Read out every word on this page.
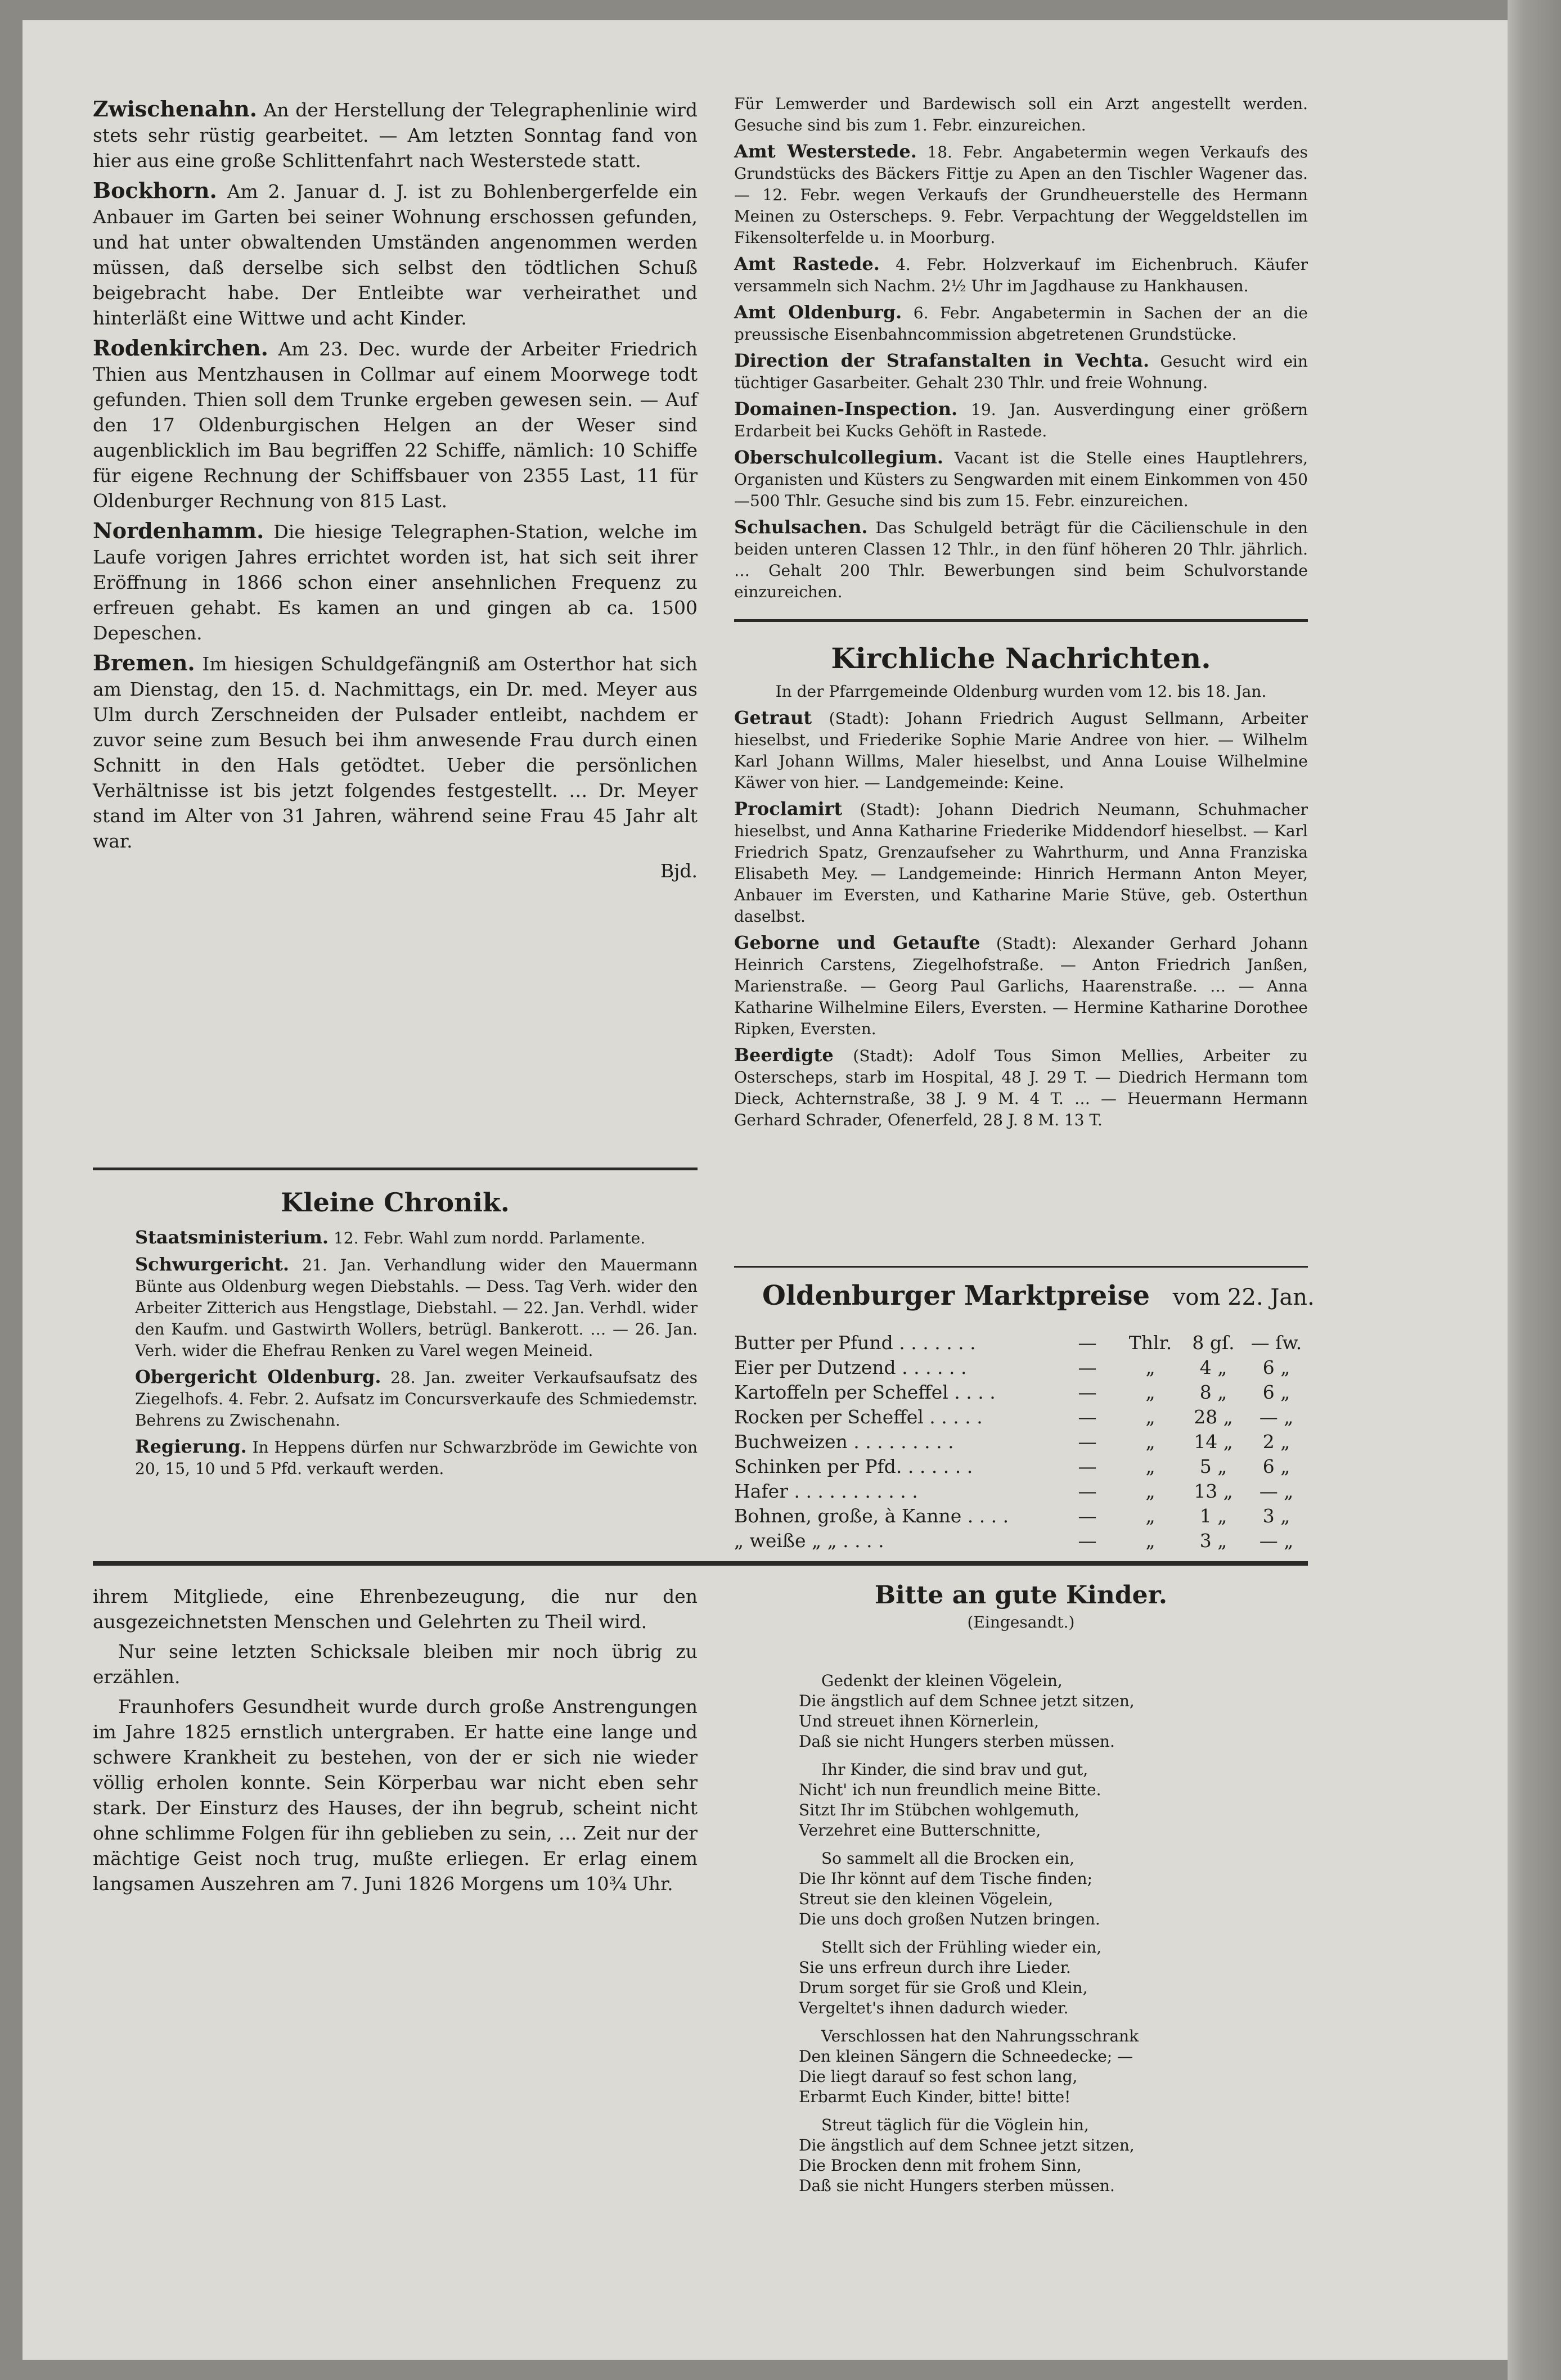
Zwischenahn. An der Herstellung der Telegraphenlinie wird stets sehr rüstig gearbeitet. — Am letzten Sonntag fand von hier aus eine große Schlittenfahrt nach Westerstede statt.

Bockhorn. Am 2. Januar d. J. ist zu Bohlenbergerfelde ein Anbauer im Garten bei seiner Wohnung erschossen gefunden, und hat unter obwaltenden Umständen angenommen werden müssen, daß derselbe sich selbst den tödtlichen Schuß beigebracht habe. Der Entleibte war verheirathet und hinterläßt eine Wittwe und acht Kinder.

Rodenkirchen. Am 23. Dec. wurde der Arbeiter Friedrich Thien aus Mentzhausen in Collmar auf einem Moorwege todt gefunden. Thien soll dem Trunke ergeben gewesen sein. — Auf den 17 Oldenburgischen Helgen an der Weser sind augenblicklich im Bau begriffen 22 Schiffe, nämlich: 10 Schiffe für eigene Rechnung der Schiffsbauer von 2355 Last, 11 für Oldenburger Rechnung von 815 Last.

Nordenhamm. Die hiesige Telegraphen-Station, welche im Laufe vorigen Jahres errichtet worden ist, hat sich seit ihrer Eröffnung in 1866 schon einer ansehnlichen Frequenz zu erfreuen gehabt. Es kamen an und gingen ab ca. 1500 Depeschen.

Bremen. Im hiesigen Schuldgefängniß am Osterthor hat sich am Dienstag, den 15. d. Nachmittags, ein Dr. med. Meyer aus Ulm durch Zerschneiden der Pulsader entleibt, nachdem er zuvor seine zum Besuch bei ihm anwesende Frau durch einen Schnitt in den Hals getödtet. Ueber die persönlichen Verhältnisse ist bis jetzt folgendes festgestellt. … Dr. Meyer stand im Alter von 31 Jahren, während seine Frau 45 Jahr alt war.

Bjd.
Kleine Chronik.

Staatsministerium. 12. Febr. Wahl zum nordd. Parlamente.

Schwurgericht. 21. Jan. Verhandlung wider den Mauermann Bünte aus Oldenburg wegen Diebstahls. — Dess. Tag Verh. wider den Arbeiter Zitterich aus Hengstlage, Diebstahl. — 22. Jan. Verhdl. wider den Kaufm. und Gastwirth Wollers, betrügl. Bankerott. … — 26. Jan. Verh. wider die Ehefrau Renken zu Varel wegen Meineid.

Obergericht Oldenburg. 28. Jan. zweiter Verkaufsaufsatz des Ziegelhofs. 4. Febr. 2. Aufsatz im Concursverkaufe des Schmiedemstr. Behrens zu Zwischenahn.

Regierung. In Heppens dürfen nur Schwarzbröde im Gewichte von 20, 15, 10 und 5 Pfd. verkauft werden.

Für Lemwerder und Bardewisch soll ein Arzt angestellt werden. Gesuche sind bis zum 1. Febr. einzureichen.

Amt Westerstede. 18. Febr. Angabetermin wegen Verkaufs des Grundstücks des Bäckers Fittje zu Apen an den Tischler Wagener das. — 12. Febr. wegen Verkaufs der Grundheuerstelle des Hermann Meinen zu Osterscheps. 9. Febr. Verpachtung der Weggeldstellen im Fikensolterfelde u. in Moorburg.

Amt Rastede. 4. Febr. Holzverkauf im Eichenbruch. Käufer versammeln sich Nachm. 2½ Uhr im Jagdhause zu Hankhausen.

Amt Oldenburg. 6. Febr. Angabetermin in Sachen der an die preussische Eisenbahncommission abgetretenen Grundstücke.

Direction der Strafanstalten in Vechta. Gesucht wird ein tüchtiger Gasarbeiter. Gehalt 230 Thlr. und freie Wohnung.

Domainen-Inspection. 19. Jan. Ausverdingung einer größern Erdarbeit bei Kucks Gehöft in Rastede.

Oberschulcollegium. Vacant ist die Stelle eines Hauptlehrers, Organisten und Küsters zu Sengwarden mit einem Einkommen von 450—500 Thlr. Gesuche sind bis zum 15. Febr. einzureichen.

Schulsachen. Das Schulgeld beträgt für die Cäcilienschule in den beiden unteren Classen 12 Thlr., in den fünf höheren 20 Thlr. jährlich. … Gehalt 200 Thlr. Bewerbungen sind beim Schulvorstande einzureichen.

Kirchliche Nachrichten.

In der Pfarrgemeinde Oldenburg wurden vom 12. bis 18. Jan.

Getraut (Stadt): Johann Friedrich August Sellmann, Arbeiter hieselbst, und Friederike Sophie Marie Andree von hier. — Wilhelm Karl Johann Willms, Maler hieselbst, und Anna Louise Wilhelmine Käwer von hier. — Landgemeinde: Keine.

Proclamirt (Stadt): Johann Diedrich Neumann, Schuhmacher hieselbst, und Anna Katharine Friederike Middendorf hieselbst. — Karl Friedrich Spatz, Grenzaufseher zu Wahrthurm, und Anna Franziska Elisabeth Mey. — Landgemeinde: Hinrich Hermann Anton Meyer, Anbauer im Eversten, und Katharine Marie Stüve, geb. Osterthun daselbst.

Geborne und Getaufte (Stadt): Alexander Gerhard Johann Heinrich Carstens, Ziegelhofstraße. — Anton Friedrich Janßen, Marienstraße. — Georg Paul Garlichs, Haarenstraße. … — Anna Katharine Wilhelmine Eilers, Eversten. — Hermine Katharine Dorothee Ripken, Eversten.

Beerdigte (Stadt): Adolf Tous Simon Mellies, Arbeiter zu Osterscheps, starb im Hospital, 48 J. 29 T. — Diedrich Hermann tom Dieck, Achternstraße, 38 J. 9 M. 4 T. … — Heuermann Hermann Gerhard Schrader, Ofenerfeld, 28 J. 8 M. 13 T.

Oldenburger Marktpreise vom 22. Jan.
Butter per Pfund . . . . . . .	—	Thlr.	8 gſ. — ſw.
Eier per Dutzend . . . . . .	—	„	4 „	6 „
Kartoffeln per Scheffel . . . .	—	„	8 „	6 „
Rocken per Scheffel . . . . .	—	„	28 „	— „
Buchweizen . . . . . . . . .	—	„	14 „	2 „
Schinken per Pfd. . . . . . .	—	„	5 „	6 „
Hafer . . . . . . . . . . .	—	„	13 „	— „
Bohnen, große, à Kanne . . . .	—	„	1 „	3 „
„ weiße „ „ . . . .	—	„	3 „	— „

ihrem Mitgliede, eine Ehrenbezeugung, die nur den ausgezeichnetsten Menschen und Gelehrten zu Theil wird.

Nur seine letzten Schicksale bleiben mir noch übrig zu erzählen.

Fraunhofers Gesundheit wurde durch große Anstrengungen im Jahre 1825 ernstlich untergraben. Er hatte eine lange und schwere Krankheit zu bestehen, von der er sich nie wieder völlig erholen konnte. Sein Körperbau war nicht eben sehr stark. Der Einsturz des Hauses, der ihn begrub, scheint nicht ohne schlimme Folgen für ihn geblieben zu sein, … Zeit nur der mächtige Geist noch trug, mußte erliegen. Er erlag einem langsamen Auszehren am 7. Juni 1826 Morgens um 10¾ Uhr.

Bitte an gute Kinder.
(Eingesandt.)
Gedenkt der kleinen Vögelein,
Die ängstlich auf dem Schnee jetzt sitzen,
Und streuet ihnen Körnerlein,
Daß sie nicht Hungers sterben müssen.
Ihr Kinder, die sind brav und gut,
Nicht' ich nun freundlich meine Bitte.
Sitzt Ihr im Stübchen wohlgemuth,
Verzehret eine Butterschnitte,
So sammelt all die Brocken ein,
Die Ihr könnt auf dem Tische finden;
Streut sie den kleinen Vögelein,
Die uns doch großen Nutzen bringen.
Stellt sich der Frühling wieder ein,
Sie uns erfreun durch ihre Lieder.
Drum sorget für sie Groß und Klein,
Vergeltet's ihnen dadurch wieder.
Verschlossen hat den Nahrungsschrank
Den kleinen Sängern die Schneedecke; —
Die liegt darauf so fest schon lang,
Erbarmt Euch Kinder, bitte! bitte!
Streut täglich für die Vöglein hin,
Die ängstlich auf dem Schnee jetzt sitzen,
Die Brocken denn mit frohem Sinn,
Daß sie nicht Hungers sterben müssen.
